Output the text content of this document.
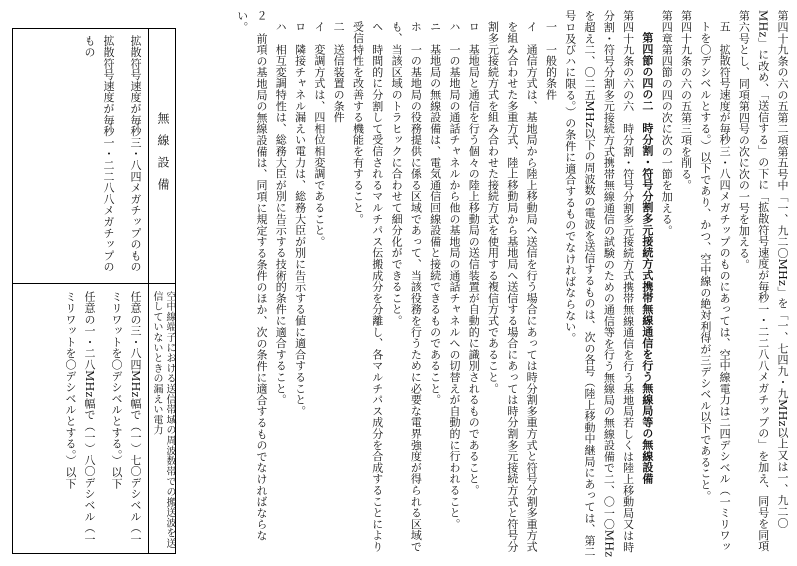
第四十九条の六の五第二項第五号中「一、九二〇MHz」を「一、七四九・九MHz以上又は一、九二〇MHz」に改め、「送信する」の下に「拡散符号速度が毎秒一・二二八八メガチップの」を加え、同号を同項第六号とし、同項第四号の次に次の一号を加える。

五　拡散符号速度が毎秒三・八四メガチップのものにあっては、空中線電力は二四デシベル（一ミリワットを〇デシベルとする。）以下であり、かつ、空中線の絶対利得が三デシベル以下であること。

第四十九条の六の五第三項を削る。

第四章第四節の四の次に次の一節を加える。

第四節の四の二　時分割・符号分割多元接続方式携帯無線通信を行う無線局等の無線設備

第四十九条の六の六　時分割・符号分割多元接続方式携帯無線通信を行う基地局若しくは陸上移動局又は時分割・符号分割多元接続方式携帯無線通信の試験のための通信等を行う無線局の無線設備で二、〇一〇MHzを超え二、〇二五MHz以下の周波数の電波を送信するものは、次の各号（陸上移動中継局にあっては、第二号ロ及びハに限る。）の条件に適合するものでなければならない。

一　一般的条件

イ　通信方式は、基地局から陸上移動局へ送信を行う場合にあっては時分割多重方式と符号分割多重方式を組み合わせた多重方式、陸上移動局から基地局へ送信する場合にあっては時分割多元接続方式と符号分割多元接続方式を組み合わせた接続方式を使用する複信方式であること。

ロ　基地局と通信を行う個々の陸上移動局の送信装置が自動的に識別されるものであること。

ハ　一の基地局の通話チャネルから他の基地局の通話チャネルへの切替えが自動的に行われること。

ニ　基地局の無線設備は、電気通信回線設備と接続できるものであること。

ホ　一の基地局の役務提供に係る区域であって、当該役務を行うために必要な電界強度が得られる区域でも、当該区域のトラヒックに合わせて細分化ができること。

ヘ　時間的に分割して受信されるマルチパス伝搬成分を分離し、各マルチパス成分を合成することにより受信特性を改善する機能を有すること。

二　送信装置の条件

イ　変調方式は、四相位相変調であること。

ロ　隣接チャネル漏えい電力は、総務大臣が別に告示する値に適合すること。

ハ　相互変調特性は、総務大臣が別に告示する技術的条件に適合すること。

２　前項の基地局の無線設備は、同項に規定する条件のほか、次の条件に適合するものでなければならない。

無線設備
拡散符号速度が毎秒三・八四メガチップのもの
拡散符号速度が毎秒一・二二八八メガチップのもの
空中線端子における送信帯域の周波数帯での搬送波を送信していないときの漏えい電力
任意の三・八四MHz幅で（一）七〇デシベル（一ミリワットを〇デシベルとする。）以下
任意の一・二八MHz幅で（一）八〇デシベル（一ミリワットを〇デシベルとする。）以下
